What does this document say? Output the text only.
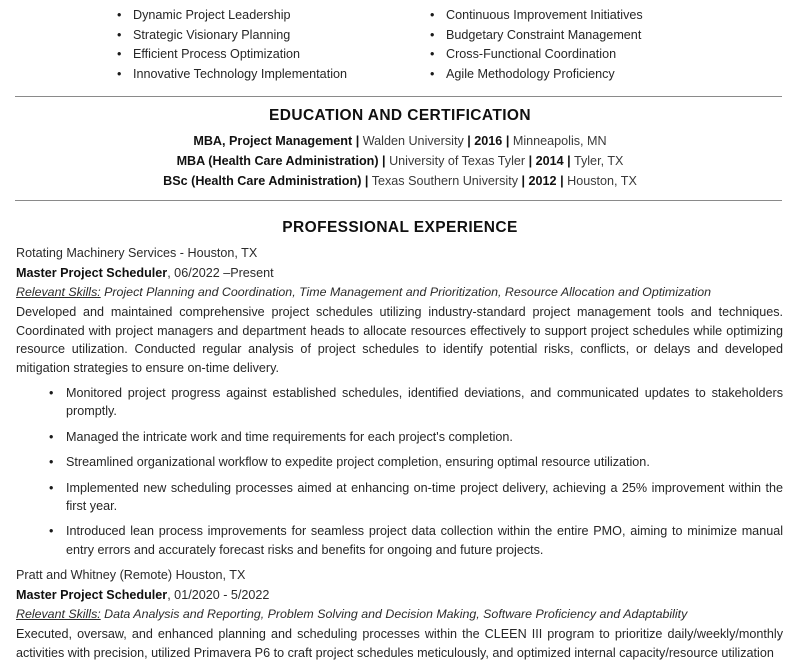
• Dynamic Project Leadership	• Continuous Improvement Initiatives
• Strategic Visionary Planning	• Budgetary Constraint Management
• Efficient Process Optimization	• Cross-Functional Coordination
• Innovative Technology Implementation	• Agile Methodology Proficiency
EDUCATION AND CERTIFICATION
MBA, Project Management | Walden University | 2016 | Minneapolis, MN
MBA (Health Care Administration) | University of Texas Tyler | 2014 | Tyler, TX
BSc (Health Care Administration) | Texas Southern University | 2012 | Houston, TX
PROFESSIONAL EXPERIENCE
Rotating Machinery Services - Houston, TX
Master Project Scheduler, 06/2022 –Present
Relevant Skills: Project Planning and Coordination, Time Management and Prioritization, Resource Allocation and Optimization
Developed and maintained comprehensive project schedules utilizing industry-standard project management tools and techniques. Coordinated with project managers and department heads to allocate resources effectively to support project schedules while optimizing resource utilization. Conducted regular analysis of project schedules to identify potential risks, conflicts, or delays and developed mitigation strategies to ensure on-time delivery.
• Monitored project progress against established schedules, identified deviations, and communicated updates to stakeholders promptly.
• Managed the intricate work and time requirements for each project's completion.
• Streamlined organizational workflow to expedite project completion, ensuring optimal resource utilization.
• Implemented new scheduling processes aimed at enhancing on-time project delivery, achieving a 25% improvement within the first year.
• Introduced lean process improvements for seamless project data collection within the entire PMO, aiming to minimize manual entry errors and accurately forecast risks and benefits for ongoing and future projects.
Pratt and Whitney (Remote) Houston, TX
Master Project Scheduler, 01/2020 - 5/2022
Relevant Skills: Data Analysis and Reporting, Problem Solving and Decision Making, Software Proficiency and Adaptability
Executed, oversaw, and enhanced planning and scheduling processes within the CLEEN III program to prioritize daily/weekly/monthly activities with precision, utilized Primavera P6 to craft project schedules meticulously, and optimized internal capacity/resource utilization
